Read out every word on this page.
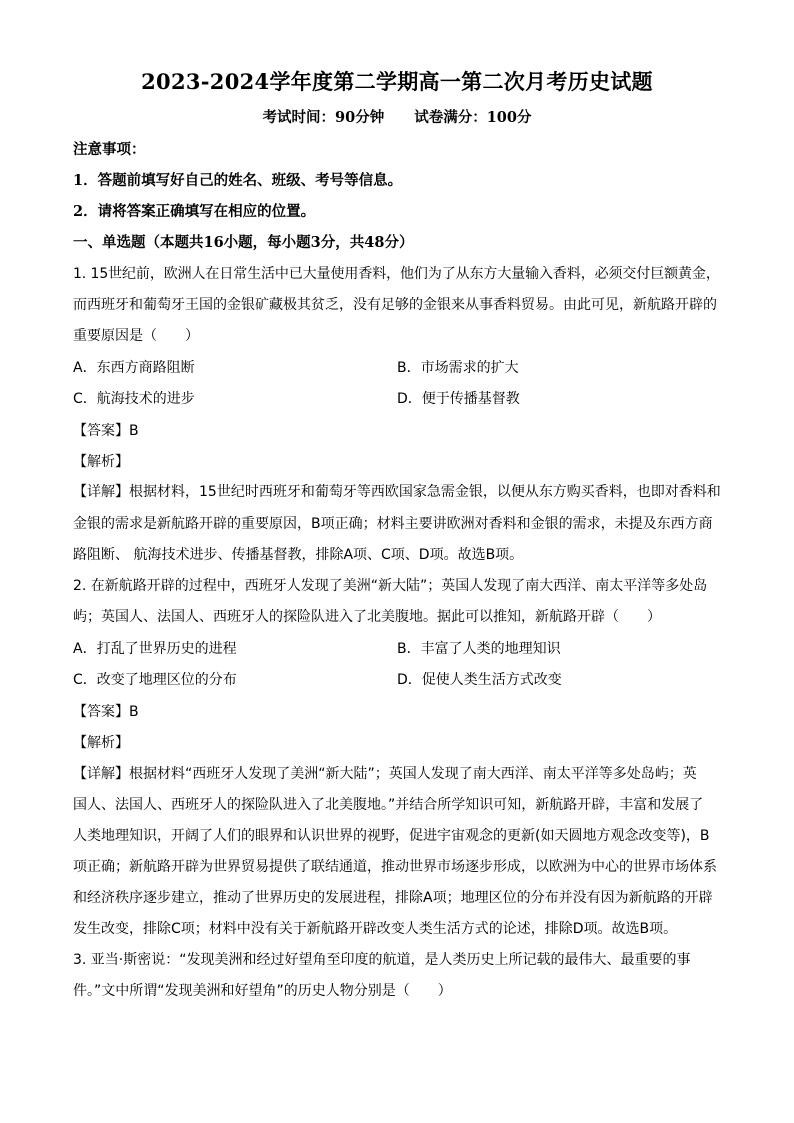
2023-2024学年度第二学期高一第二次月考历史试题
考试时间：90分钟 试卷满分：100分
注意事项：
1．答题前填写好自己的姓名、班级、考号等信息。
2．请将答案正确填写在相应的位置。
一、单选题（本题共16小题，每小题3分，共48分）
1. 15世纪前，欧洲人在日常生活中已大量使用香料，他们为了从东方大量输入香料，必须交付巨额黄金，
而西班牙和葡萄牙王国的金银矿藏极其贫乏，没有足够的金银来从事香料贸易。由此可见，新航路开辟的
重要原因是（　　）
A．东西方商路阻断	B．市场需求的扩大
C．航海技术的进步	D．便于传播基督教
【答案】B
【解析】
【详解】根据材料，15世纪时西班牙和葡萄牙等西欧国家急需金银，以便从东方购买香料，也即对香料和
金银的需求是新航路开辟的重要原因，B项正确；材料主要讲欧洲对香料和金银的需求，未提及东西方商
路阻断、 航海技术进步、传播基督教，排除A项、C项、D项。故选B项。
2. 在新航路开辟的过程中，西班牙人发现了美洲“新大陆”；英国人发现了南大西洋、南太平洋等多处岛
屿；英国人、法国人、西班牙人的探险队进入了北美腹地。据此可以推知，新航路开辟（　　）
A．打乱了世界历史的进程	B．丰富了人类的地理知识
C．改变了地理区位的分布	D．促使人类生活方式改变
【答案】B
【解析】
【详解】根据材料“西班牙人发现了美洲“新大陆”；英国人发现了南大西洋、南太平洋等多处岛屿；英
国人、法国人、西班牙人的探险队进入了北美腹地。”并结合所学知识可知，新航路开辟，丰富和发展了
人类地理知识，开阔了人们的眼界和认识世界的视野，促进宇宙观念的更新(如天圆地方观念改变等)，B
项正确；新航路开辟为世界贸易提供了联结通道，推动世界市场逐步形成，以欧洲为中心的世界市场体系
和经济秩序逐步建立，推动了世界历史的发展进程，排除A项；地理区位的分布并没有因为新航路的开辟
发生改变，排除C项；材料中没有关于新航路开辟改变人类生活方式的论述，排除D项。故选B项。
3. 亚当·斯密说：“发现美洲和经过好望角至印度的航道，是人类历史上所记载的最伟大、最重要的事
件。”文中所谓“发现美洲和好望角”的历史人物分别是（　　）
